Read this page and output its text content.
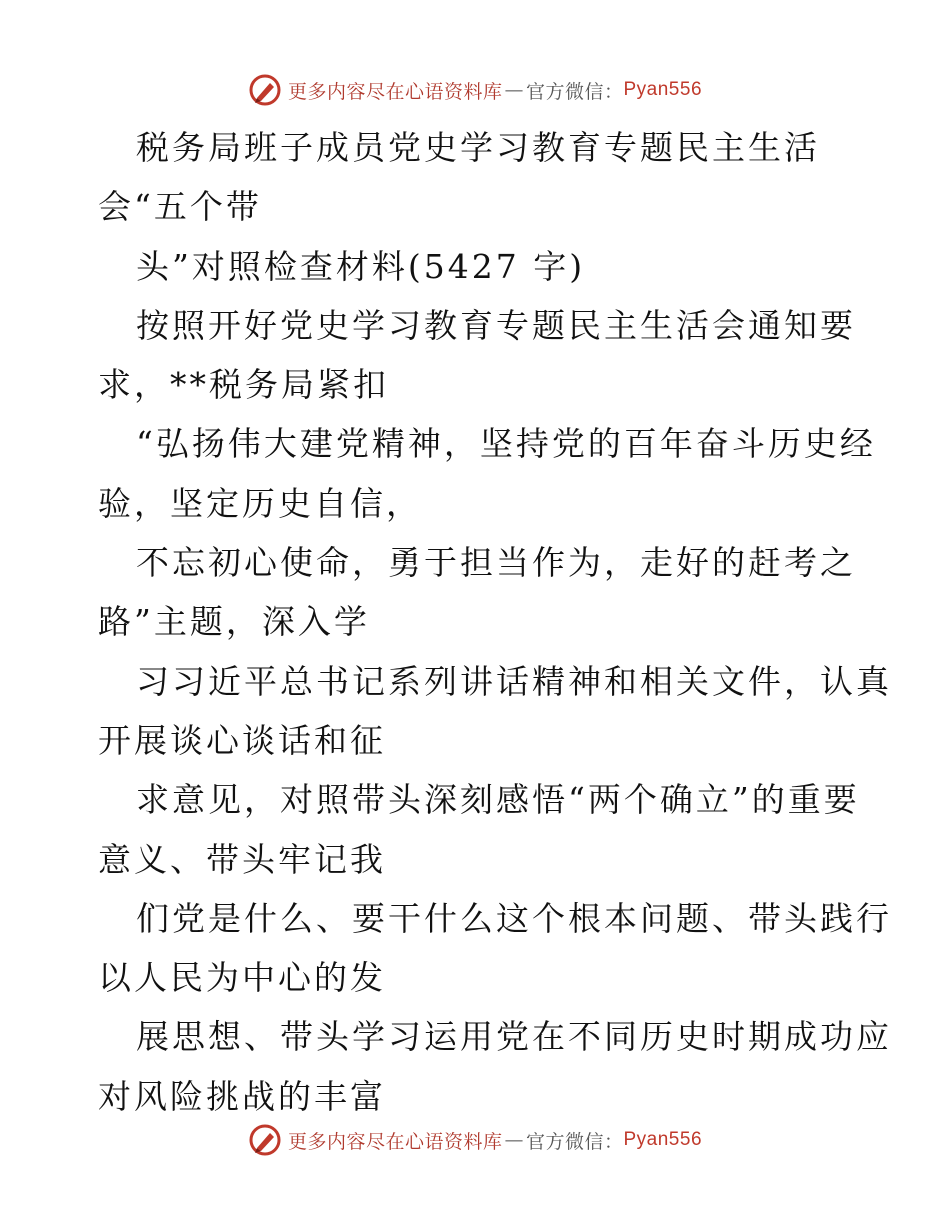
更多内容尽在心语资料库 — 官方微信： Pyan556
税务局班子成员党史学习教育专题民主生活
会“五个带
头”对照检查材料(5427 字)
按照开好党史学习教育专题民主生活会通知要
求，**税务局紧扣
“弘扬伟大建党精神，坚持党的百年奋斗历史经
验，坚定历史自信，
不忘初心使命，勇于担当作为，走好的赶考之
路”主题，深入学
习习近平总书记系列讲话精神和相关文件，认真
开展谈心谈话和征
求意见，对照带头深刻感悟“两个确立”的重要
意义、带头牢记我
们党是什么、要干什么这个根本问题、带头践行
以人民为中心的发
展思想、带头学习运用党在不同历史时期成功应
对风险挑战的丰富
更多内容尽在心语资料库 — 官方微信： Pyan556
